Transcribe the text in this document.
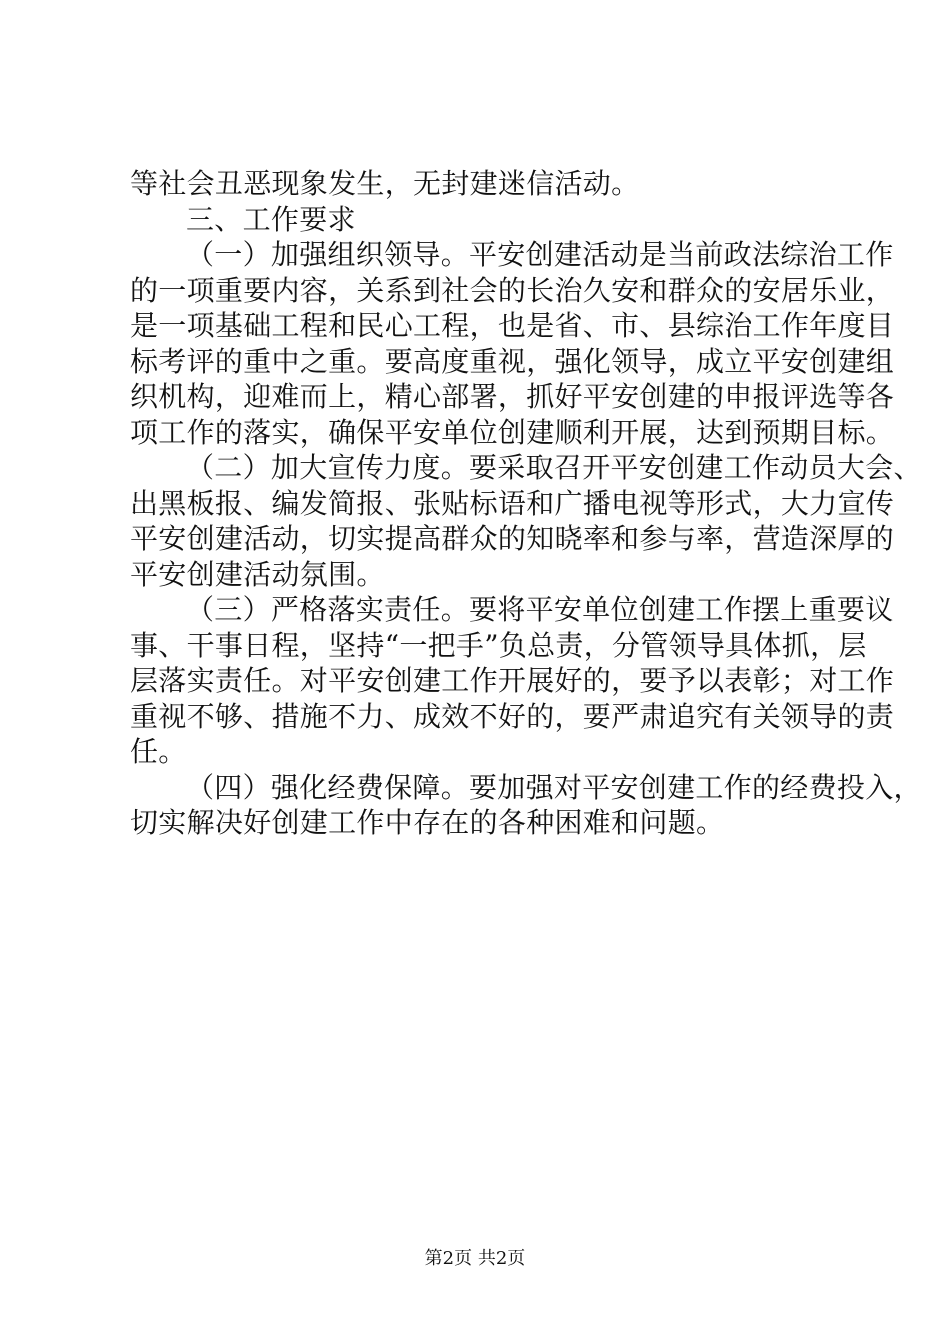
等社会丑恶现象发生，无封建迷信活动。
三、工作要求
（一）加强组织领导。平安创建活动是当前政法综治工作
的一项重要内容，关系到社会的长治久安和群众的安居乐业，
是一项基础工程和民心工程，也是省、市、县综治工作年度目
标考评的重中之重。要高度重视，强化领导，成立平安创建组
织机构，迎难而上，精心部署，抓好平安创建的申报评选等各
项工作的落实，确保平安单位创建顺利开展，达到预期目标。
（二）加大宣传力度。要采取召开平安创建工作动员大会、
出黑板报、编发简报、张贴标语和广播电视等形式，大力宣传
平安创建活动，切实提高群众的知晓率和参与率，营造深厚的
平安创建活动氛围。
（三）严格落实责任。要将平安单位创建工作摆上重要议
事、干事日程，坚持“一把手”负总责，分管领导具体抓，层
层落实责任。对平安创建工作开展好的，要予以表彰；对工作
重视不够、措施不力、成效不好的，要严肃追究有关领导的责
任。
（四）强化经费保障。要加强对平安创建工作的经费投入，
切实解决好创建工作中存在的各种困难和问题。
第2页 共2页
